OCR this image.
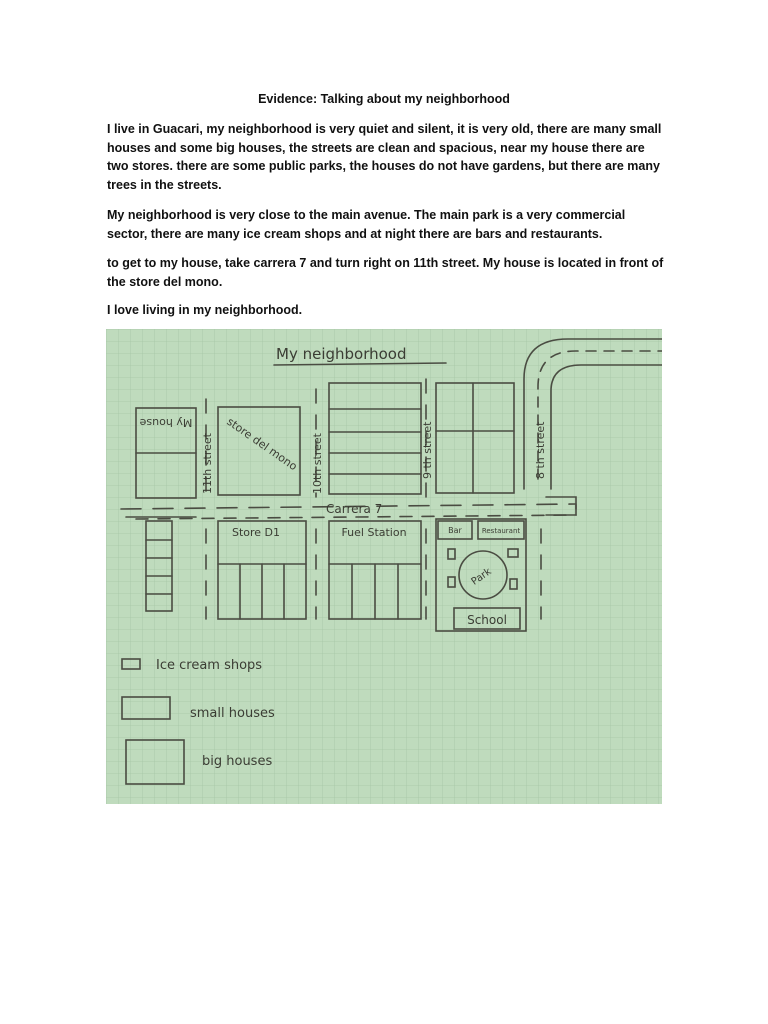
Evidence: Talking about my neighborhood

I live in Guacari, my neighborhood is very quiet and silent, it is very old, there are many small houses and some big houses, the streets are clean and spacious, near my house there are two stores. there are some public parks, the houses do not have gardens, but there are many trees in the streets.

My neighborhood is very close to the main avenue. The main park is a very commercial sector, there are many ice cream shops and at night there are bars and restaurants.

to get to my house, take carrera 7 and turn right on 11th street. My house is located in front of the store del mono.

I love living in my neighborhood.

My neighborhood
My house	store del mono
11th street	10th street	9 th street	8 th street
Carrera 7
Store D1	Fuel Station	Bar	Restaurant
Park
School
Ice cream shops
small houses
big houses
